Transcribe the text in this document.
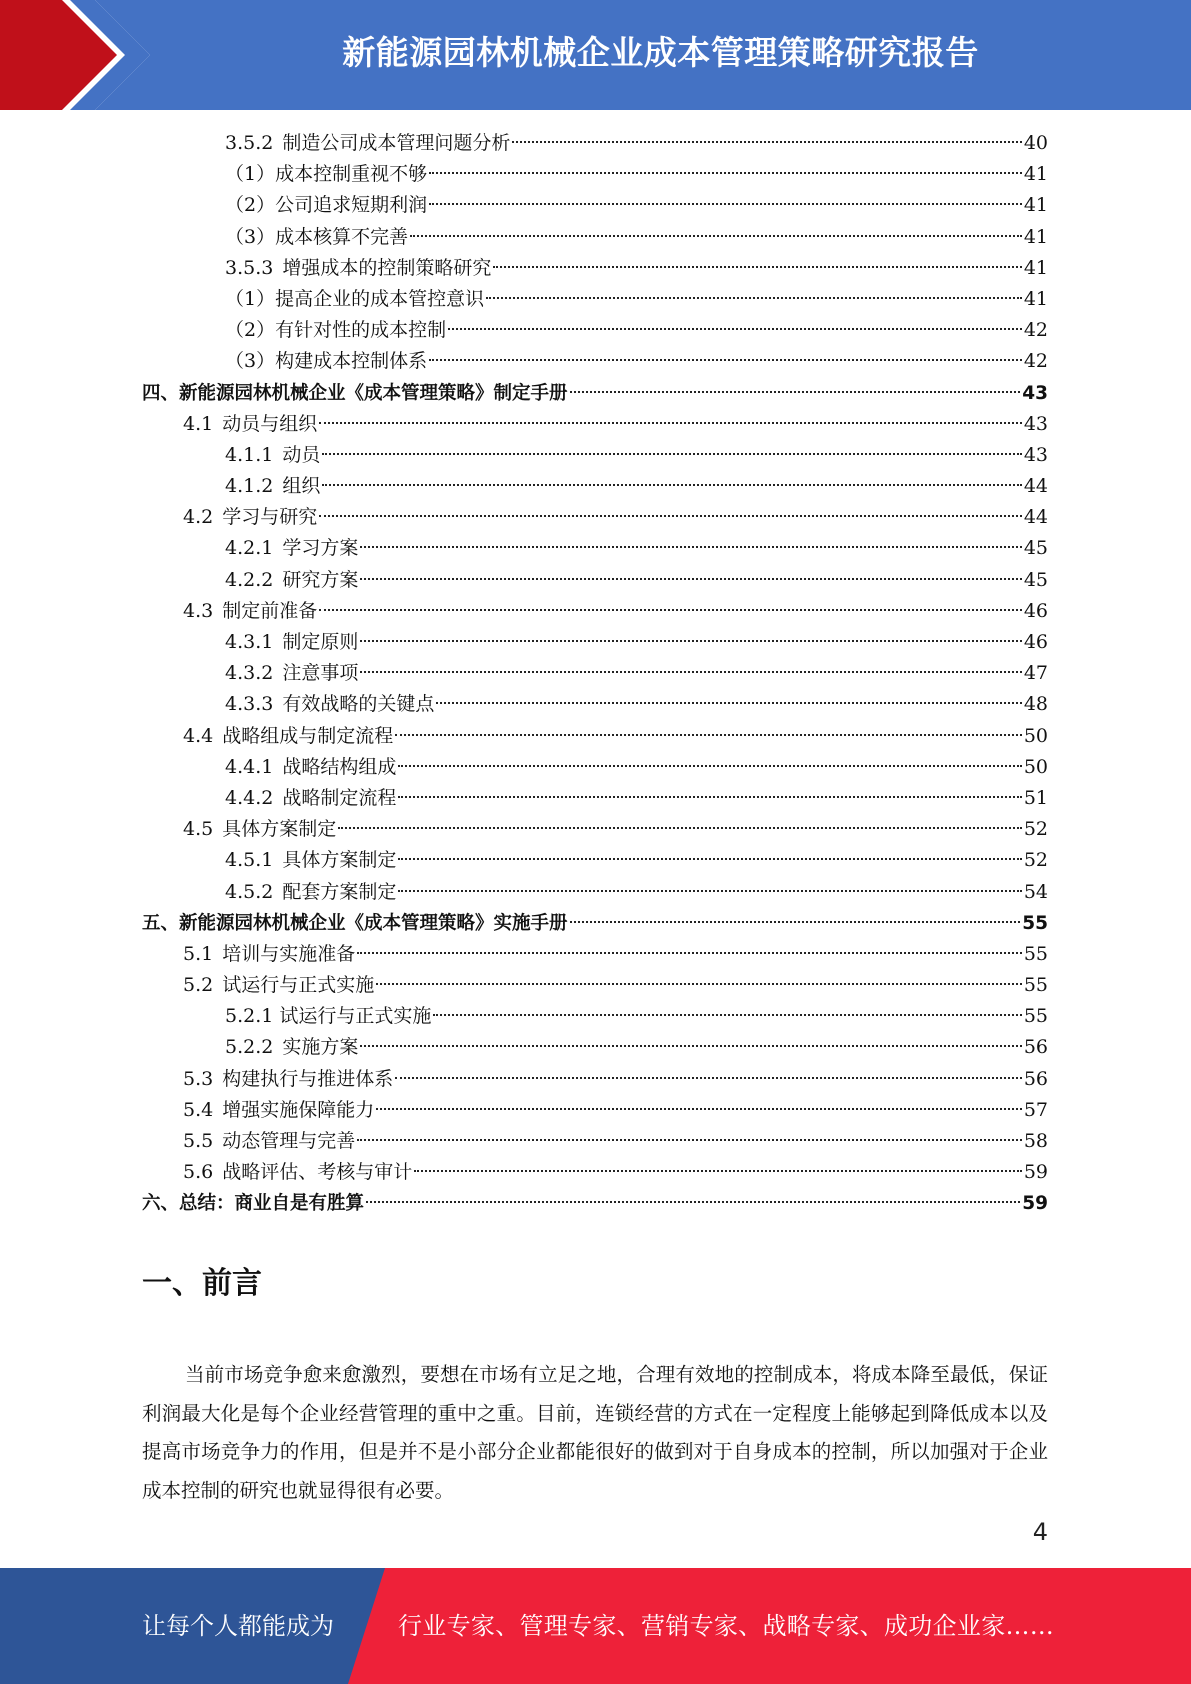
新能源园林机械企业成本管理策略研究报告
3.5.2 制造公司成本管理问题分析	40
（1）成本控制重视不够	41
（2）公司追求短期利润	41
（3）成本核算不完善	41
3.5.3 增强成本的控制策略研究	41
（1）提高企业的成本管控意识	41
（2）有针对性的成本控制	42
（3）构建成本控制体系	42
四、新能源园林机械企业《成本管理策略》制定手册	43
4.1 动员与组织	43
4.1.1 动员	43
4.1.2 组织	44
4.2 学习与研究	44
4.2.1 学习方案	45
4.2.2 研究方案	45
4.3 制定前准备	46
4.3.1 制定原则	46
4.3.2 注意事项	47
4.3.3 有效战略的关键点	48
4.4 战略组成与制定流程	50
4.4.1 战略结构组成	50
4.4.2 战略制定流程	51
4.5 具体方案制定	52
4.5.1 具体方案制定	52
4.5.2 配套方案制定	54
五、新能源园林机械企业《成本管理策略》实施手册	55
5.1 培训与实施准备	55
5.2 试运行与正式实施	55
5.2.1 试运行与正式实施	55
5.2.2 实施方案	56
5.3 构建执行与推进体系	56
5.4 增强实施保障能力	57
5.5 动态管理与完善	58
5.6 战略评估、考核与审计	59
六、总结：商业自是有胜算	59
一、前言

当前市场竞争愈来愈激烈，要想在市场有立足之地，合理有效地的控制成本，将成本降至最低，保证利润最大化是每个企业经营管理的重中之重。目前，连锁经营的方式在一定程度上能够起到降低成本以及提高市场竞争力的作用，但是并不是小部分企业都能很好的做到对于自身成本的控制，所以加强对于企业成本控制的研究也就显得很有必要。

4
让每个人都能成为	行业专家、管理专家、营销专家、战略专家、成功企业家……
